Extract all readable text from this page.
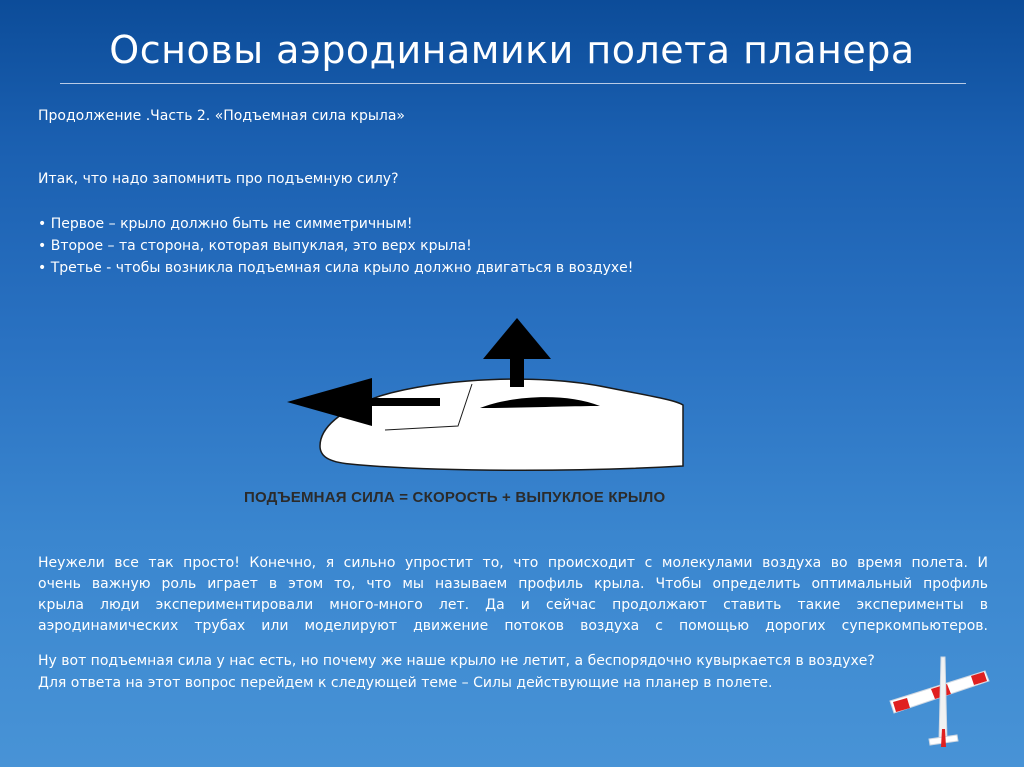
Основы аэродинамики полета планера
Продолжение .Часть 2. «Подъемная сила крыла»
Итак, что надо запомнить про подъемную силу?
• Первое – крыло должно быть не симметричным!
• Второе – та сторона, которая выпуклая, это верх крыла!
• Третье - чтобы возникла подъемная сила крыло должно двигаться в воздухе!
ПОДЪЕМНАЯ СИЛА = СКОРОСТЬ + ВЫПУКЛОЕ КРЫЛО

Неужели все так просто! Конечно, я сильно упростит то, что происходит с молекулами воздуха во время полета. И

очень важную роль играет в этом то, что мы называем профиль крыла. Чтобы определить оптимальный профиль

крыла люди экспериментировали много-много лет. Да и сейчас продолжают ставить такие эксперименты в

аэродинамических трубах или моделируют движение потоков воздуха с помощью дорогих суперкомпьютеров.

Ну вот подъемная сила у нас есть, но почему же наше крыло не летит, а беспорядочно кувыркается в воздухе?
Для ответа на этот вопрос перейдем к следующей теме – Силы действующие на планер в полете.
